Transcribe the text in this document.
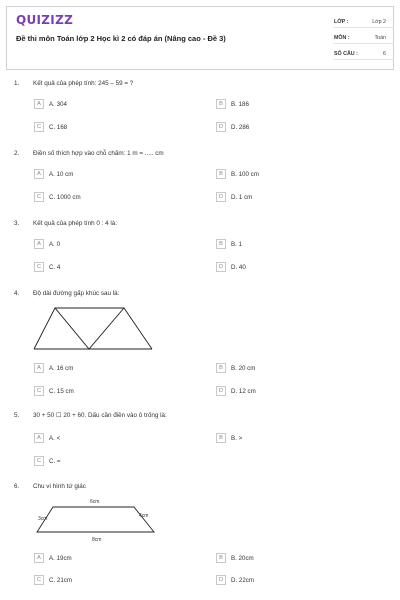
QUIZIZZ
Đề thi môn Toán lớp 2 Học kì 2 có đáp án (Nâng cao - Đề 3)
LỚP :	Lớp 2
MÔN :	Toán
SỐ CÂU :	6
1. Kết quả của phép tính: 245 – 59 = ?
A	A. 304	B	B. 186
C	C. 168	D	D. 286
2. Điền số thích hợp vào chỗ chấm: 1 m = ..... cm
A	A. 10 cm	B	B. 100 cm
C	C. 1000 cm	D	D. 1 cm
3. Kết quả của phép tính 0 : 4 là:
A	A. 0	B	B. 1
C	C. 4	D	D. 40
4. Độ dài đường gấp khúc sau là:
A	A. 16 cm	B	B. 20 cm
C	C. 15 cm	D	D. 12 cm
5. 30 + 50 ☐ 20 + 60. Dấu cần điền vào ô trống là:
A	A. <	B	B. >
C	C. =
6. Chu vi hình tứ giác
6cm
3cm	4cm
8cm
A	A. 19cm	B	B. 20cm
C	C. 21cm	D	D. 22cm
